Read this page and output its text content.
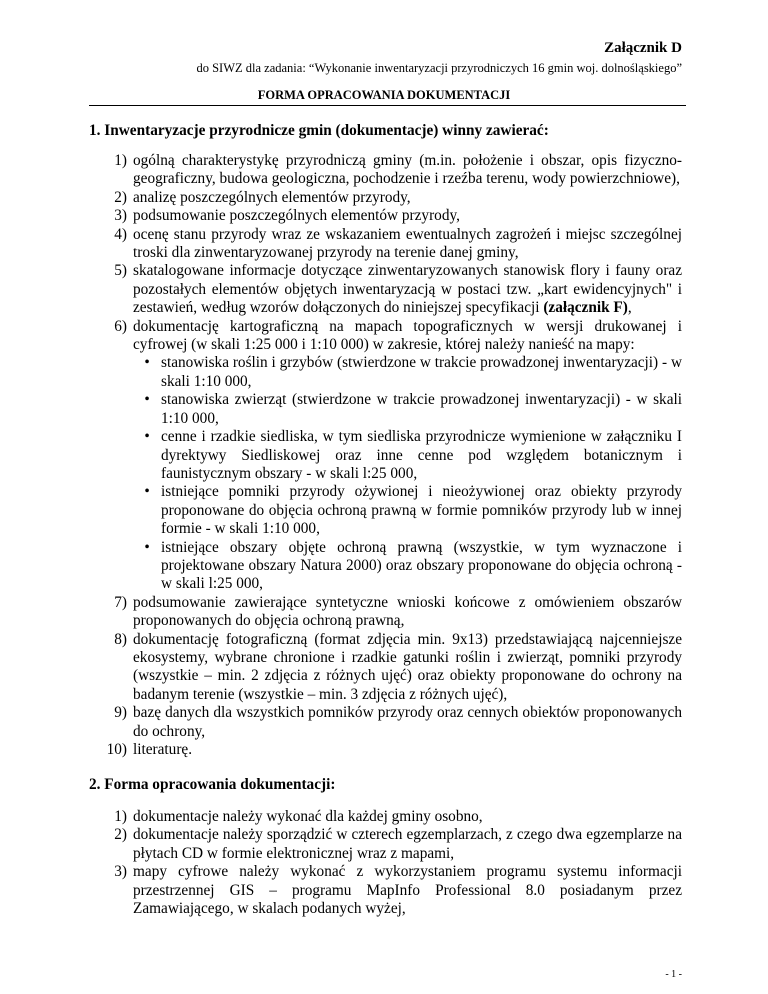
Załącznik D
do SIWZ dla zadania: “Wykonanie inwentaryzacji przyrodniczych 16 gmin woj. dolnośląskiego”
FORMA OPRACOWANIA DOKUMENTACJI
1. Inwentaryzacje przyrodnicze gmin (dokumentacje) winny zawierać:
1) ogólną charakterystykę przyrodniczą gminy (m.in. położenie i obszar, opis fizyczno-geograficzny, budowa geologiczna, pochodzenie i rzeźba terenu, wody powierzchniowe),
2) analizę poszczególnych elementów przyrody,
3) podsumowanie poszczególnych elementów przyrody,
4) ocenę stanu przyrody wraz ze wskazaniem ewentualnych zagrożeń i miejsc szczególnej troski dla zinwentaryzowanej przyrody na terenie danej gminy,
5) skatalogowane informacje dotyczące zinwentaryzowanych stanowisk flory i fauny oraz pozostałych elementów objętych inwentaryzacją w postaci tzw. „kart ewidencyjnych" i zestawień, według wzorów dołączonych do niniejszej specyfikacji (załącznik F),
6) dokumentację kartograficzną na mapach topograficznych w wersji drukowanej i cyfrowej (w skali 1:25 000 i 1:10 000) w zakresie, której należy nanieść na mapy:
• stanowiska roślin i grzybów (stwierdzone w trakcie prowadzonej inwentaryzacji) - w skali 1:10 000,
• stanowiska zwierząt (stwierdzone w trakcie prowadzonej inwentaryzacji) - w skali 1:10 000,
• cenne i rzadkie siedliska, w tym siedliska przyrodnicze wymienione w załączniku I dyrektywy Siedliskowej oraz inne cenne pod względem botanicznym i faunistycznym obszary - w skali l:25 000,
• istniejące pomniki przyrody ożywionej i nieożywionej oraz obiekty przyrody proponowane do objęcia ochroną prawną w formie pomników przyrody lub w innej formie - w skali 1:10 000,
• istniejące obszary objęte ochroną prawną (wszystkie, w tym wyznaczone i projektowane obszary Natura 2000) oraz obszary proponowane do objęcia ochroną - w skali l:25 000,
7) podsumowanie zawierające syntetyczne wnioski końcowe z omówieniem obszarów proponowanych do objęcia ochroną prawną,
8) dokumentację fotograficzną (format zdjęcia min. 9x13) przedstawiającą najcenniejsze ekosystemy, wybrane chronione i rzadkie gatunki roślin i zwierząt, pomniki przyrody (wszystkie – min. 2 zdjęcia z różnych ujęć) oraz obiekty proponowane do ochrony na badanym terenie (wszystkie – min. 3 zdjęcia z różnych ujęć),
9) bazę danych dla wszystkich pomników przyrody oraz cennych obiektów proponowanych do ochrony,
10) literaturę.
2. Forma opracowania dokumentacji:
1) dokumentacje należy wykonać dla każdej gminy osobno,
2) dokumentacje należy sporządzić w czterech egzemplarzach, z czego dwa egzemplarze na płytach CD w formie elektronicznej wraz z mapami,
3) mapy cyfrowe należy wykonać z wykorzystaniem programu systemu informacji przestrzennej GIS – programu MapInfo Professional 8.0 posiadanym przez Zamawiającego, w skalach podanych wyżej,
- 1 -
